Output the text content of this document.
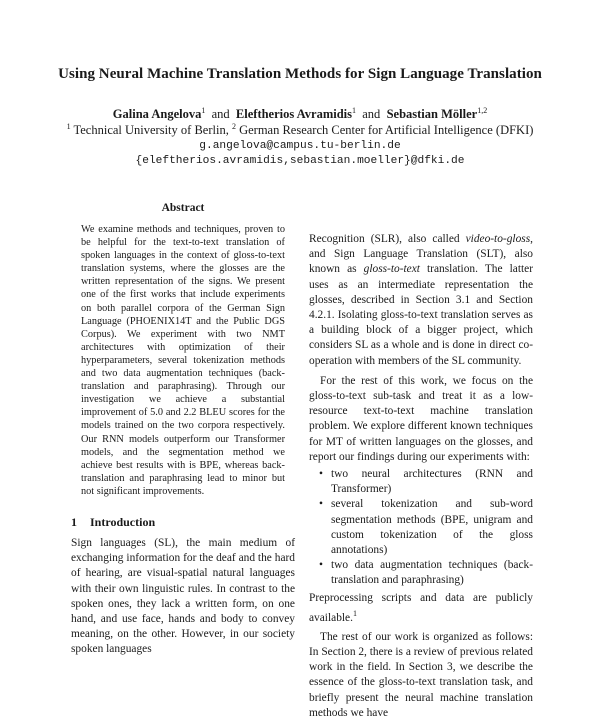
Using Neural Machine Translation Methods for Sign Language Translation
Galina Angelova$^1$ and Eleftherios Avramidis$^1$ and Sebastian Möller$^{1,2}$
$^1$ Technical University of Berlin, $^2$ German Research Center for Artificial Intelligence (DFKI)
g.angelova@campus.tu-berlin.de
{eleftherios.avramidis,sebastian.moeller}@dfki.de
Abstract

We examine methods and techniques, proven to be helpful for the text-to-text translation of spoken languages in the context of gloss-to-text translation systems, where the glosses are the written representation of the signs. We present one of the first works that include experiments on both parallel corpora of the German Sign Language (PHOENIX14T and the Public DGS Corpus). We experiment with two NMT architectures with optimization of their hyperparameters, several tokenization methods and two data augmentation techniques (back-translation and paraphrasing). Through our investigation we achieve a substantial improvement of 5.0 and 2.2 BLEU scores for the models trained on the two corpora respectively. Our RNN models outperform our Transformer models, and the segmentation method we achieve best results with is BPE, whereas back-translation and paraphrasing lead to minor but not significant improvements.

1 Introduction

Sign languages (SL), the main medium of exchanging information for the deaf and the hard of hearing, are visual-spatial natural languages with their own linguistic rules. In contrast to the spoken ones, they lack a written form, on one hand, and use face, hands and body to convey meaning, on the other. However, in our society spoken languages

Recognition (SLR), also called video-to-gloss, and Sign Language Translation (SLT), also known as gloss-to-text translation. The latter uses as an intermediate representation the glosses, described in Section 3.1 and Section 4.2.1. Isolating gloss-to-text translation serves as a building block of a bigger project, which considers SL as a whole and is done in direct co-operation with members of the SL community.

For the rest of this work, we focus on the gloss-to-text sub-task and treat it as a low-resource text-to-text machine translation problem. We explore different known techniques for MT of written languages on the glosses, and report our findings during our experiments with:

• two neural architectures (RNN and Transformer)
• several tokenization and sub-word segmentation methods (BPE, unigram and custom tokenization of the gloss annotations)
• two data augmentation techniques (back-translation and paraphrasing)

Preprocessing scripts and data are publicly available.$^1$

The rest of our work is organized as follows: In Section 2, there is a review of previous related work in the field. In Section 3, we describe the essence of the gloss-to-text translation task, and briefly present the neural machine translation methods we have
